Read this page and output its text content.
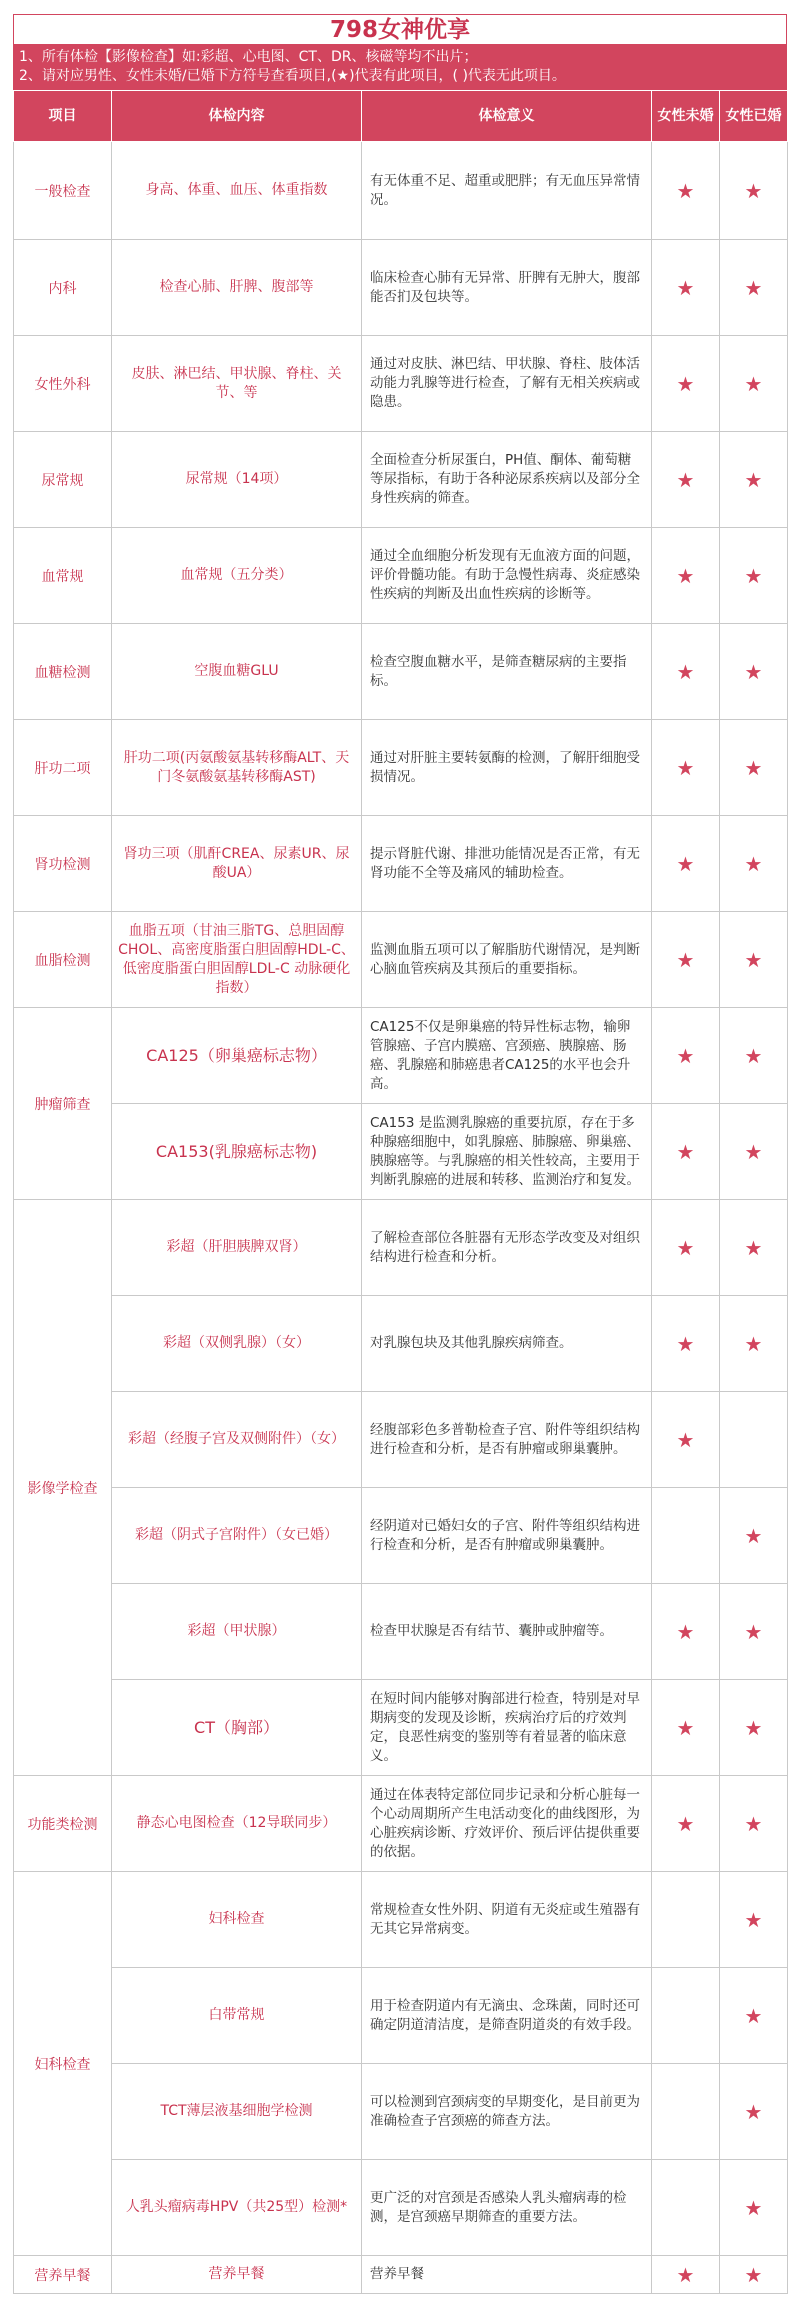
798女神优享
1、所有体检【影像检查】如:彩超、心电图、CT、DR、核磁等均不出片；
2、请对应男性、女性未婚/已婚下方符号查看项目,(★)代表有此项目，( )代表无此项目。
项目	体检内容	体检意义	女性未婚	女性已婚
一般检查	身高、体重、血压、体重指数	有无体重不足、超重或肥胖；有无血压异常情况。	★	★
内科	检查心肺、肝脾、腹部等	临床检查心肺有无异常、肝脾有无肿大，腹部能否扪及包块等。	★	★
女性外科	皮肤、淋巴结、甲状腺、脊柱、关节、等	通过对皮肤、淋巴结、甲状腺、脊柱、肢体活动能力乳腺等进行检查，了解有无相关疾病或隐患。	★	★
尿常规	尿常规（14项）	全面检查分析尿蛋白，PH值、酮体、葡萄糖等尿指标，有助于各种泌尿系疾病以及部分全身性疾病的筛查。	★	★
血常规	血常规（五分类）	通过全血细胞分析发现有无血液方面的问题，评价骨髓功能。有助于急慢性病毒、炎症感染性疾病的判断及出血性疾病的诊断等。	★	★
血糖检测	空腹血糖GLU	检查空腹血糖水平，是筛查糖尿病的主要指标。	★	★
肝功二项	肝功二项(丙氨酸氨基转移酶ALT、天门冬氨酸氨基转移酶AST)	通过对肝脏主要转氨酶的检测，了解肝细胞受损情况。	★	★
肾功检测	肾功三项（肌酐CREA、尿素UR、尿酸UA）	提示肾脏代谢、排泄功能情况是否正常，有无肾功能不全等及痛风的辅助检查。	★	★
血脂检测	血脂五项（甘油三脂TG、总胆固醇CHOL、高密度脂蛋白胆固醇HDL-C、低密度脂蛋白胆固醇LDL-C 动脉硬化指数）	监测血脂五项可以了解脂肪代谢情况，是判断心脑血管疾病及其预后的重要指标。	★	★
肿瘤筛查	CA125（卵巢癌标志物）	CA125不仅是卵巢癌的特异性标志物，输卵管腺癌、子宫内膜癌、宫颈癌、胰腺癌、肠癌、乳腺癌和肺癌患者CA125的水平也会升高。	★	★
	CA153(乳腺癌标志物)	CA153 是监测乳腺癌的重要抗原，存在于多种腺癌细胞中，如乳腺癌、肺腺癌、卵巢癌、胰腺癌等。与乳腺癌的相关性较高，主要用于判断乳腺癌的进展和转移、监测治疗和复发。	★	★
影像学检查	彩超（肝胆胰脾双肾）	了解检查部位各脏器有无形态学改变及对组织结构进行检查和分析。	★	★
	彩超（双侧乳腺）（女）	对乳腺包块及其他乳腺疾病筛查。	★	★
	彩超（经腹子宫及双侧附件）（女）	经腹部彩色多普勒检查子宫、附件等组织结构进行检查和分析，是否有肿瘤或卵巢囊肿。	★	
	彩超（阴式子宫附件）（女已婚）	经阴道对已婚妇女的子宫、附件等组织结构进行检查和分析，是否有肿瘤或卵巢囊肿。		★
	彩超（甲状腺）	检查甲状腺是否有结节、囊肿或肿瘤等。	★	★
	CT（胸部）	在短时间内能够对胸部进行检查，特别是对早期病变的发现及诊断，疾病治疗后的疗效判定，良恶性病变的鉴别等有着显著的临床意义。	★	★
功能类检测	静态心电图检查（12导联同步）	通过在体表特定部位同步记录和分析心脏每一个心动周期所产生电活动变化的曲线图形，为心脏疾病诊断、疗效评价、预后评估提供重要的依据。	★	★
妇科检查	妇科检查	常规检查女性外阴、阴道有无炎症或生殖器有无其它异常病变。		★
	白带常规	用于检查阴道内有无滴虫、念珠菌，同时还可确定阴道清洁度，是筛查阴道炎的有效手段。		★
	TCT薄层液基细胞学检测	可以检测到宫颈病变的早期变化，是目前更为准确检查子宫颈癌的筛查方法。		★
	人乳头瘤病毒HPV（共25型）检测*	更广泛的对宫颈是否感染人乳头瘤病毒的检测，是宫颈癌早期筛查的重要方法。		★
营养早餐	营养早餐	营养早餐	★	★
